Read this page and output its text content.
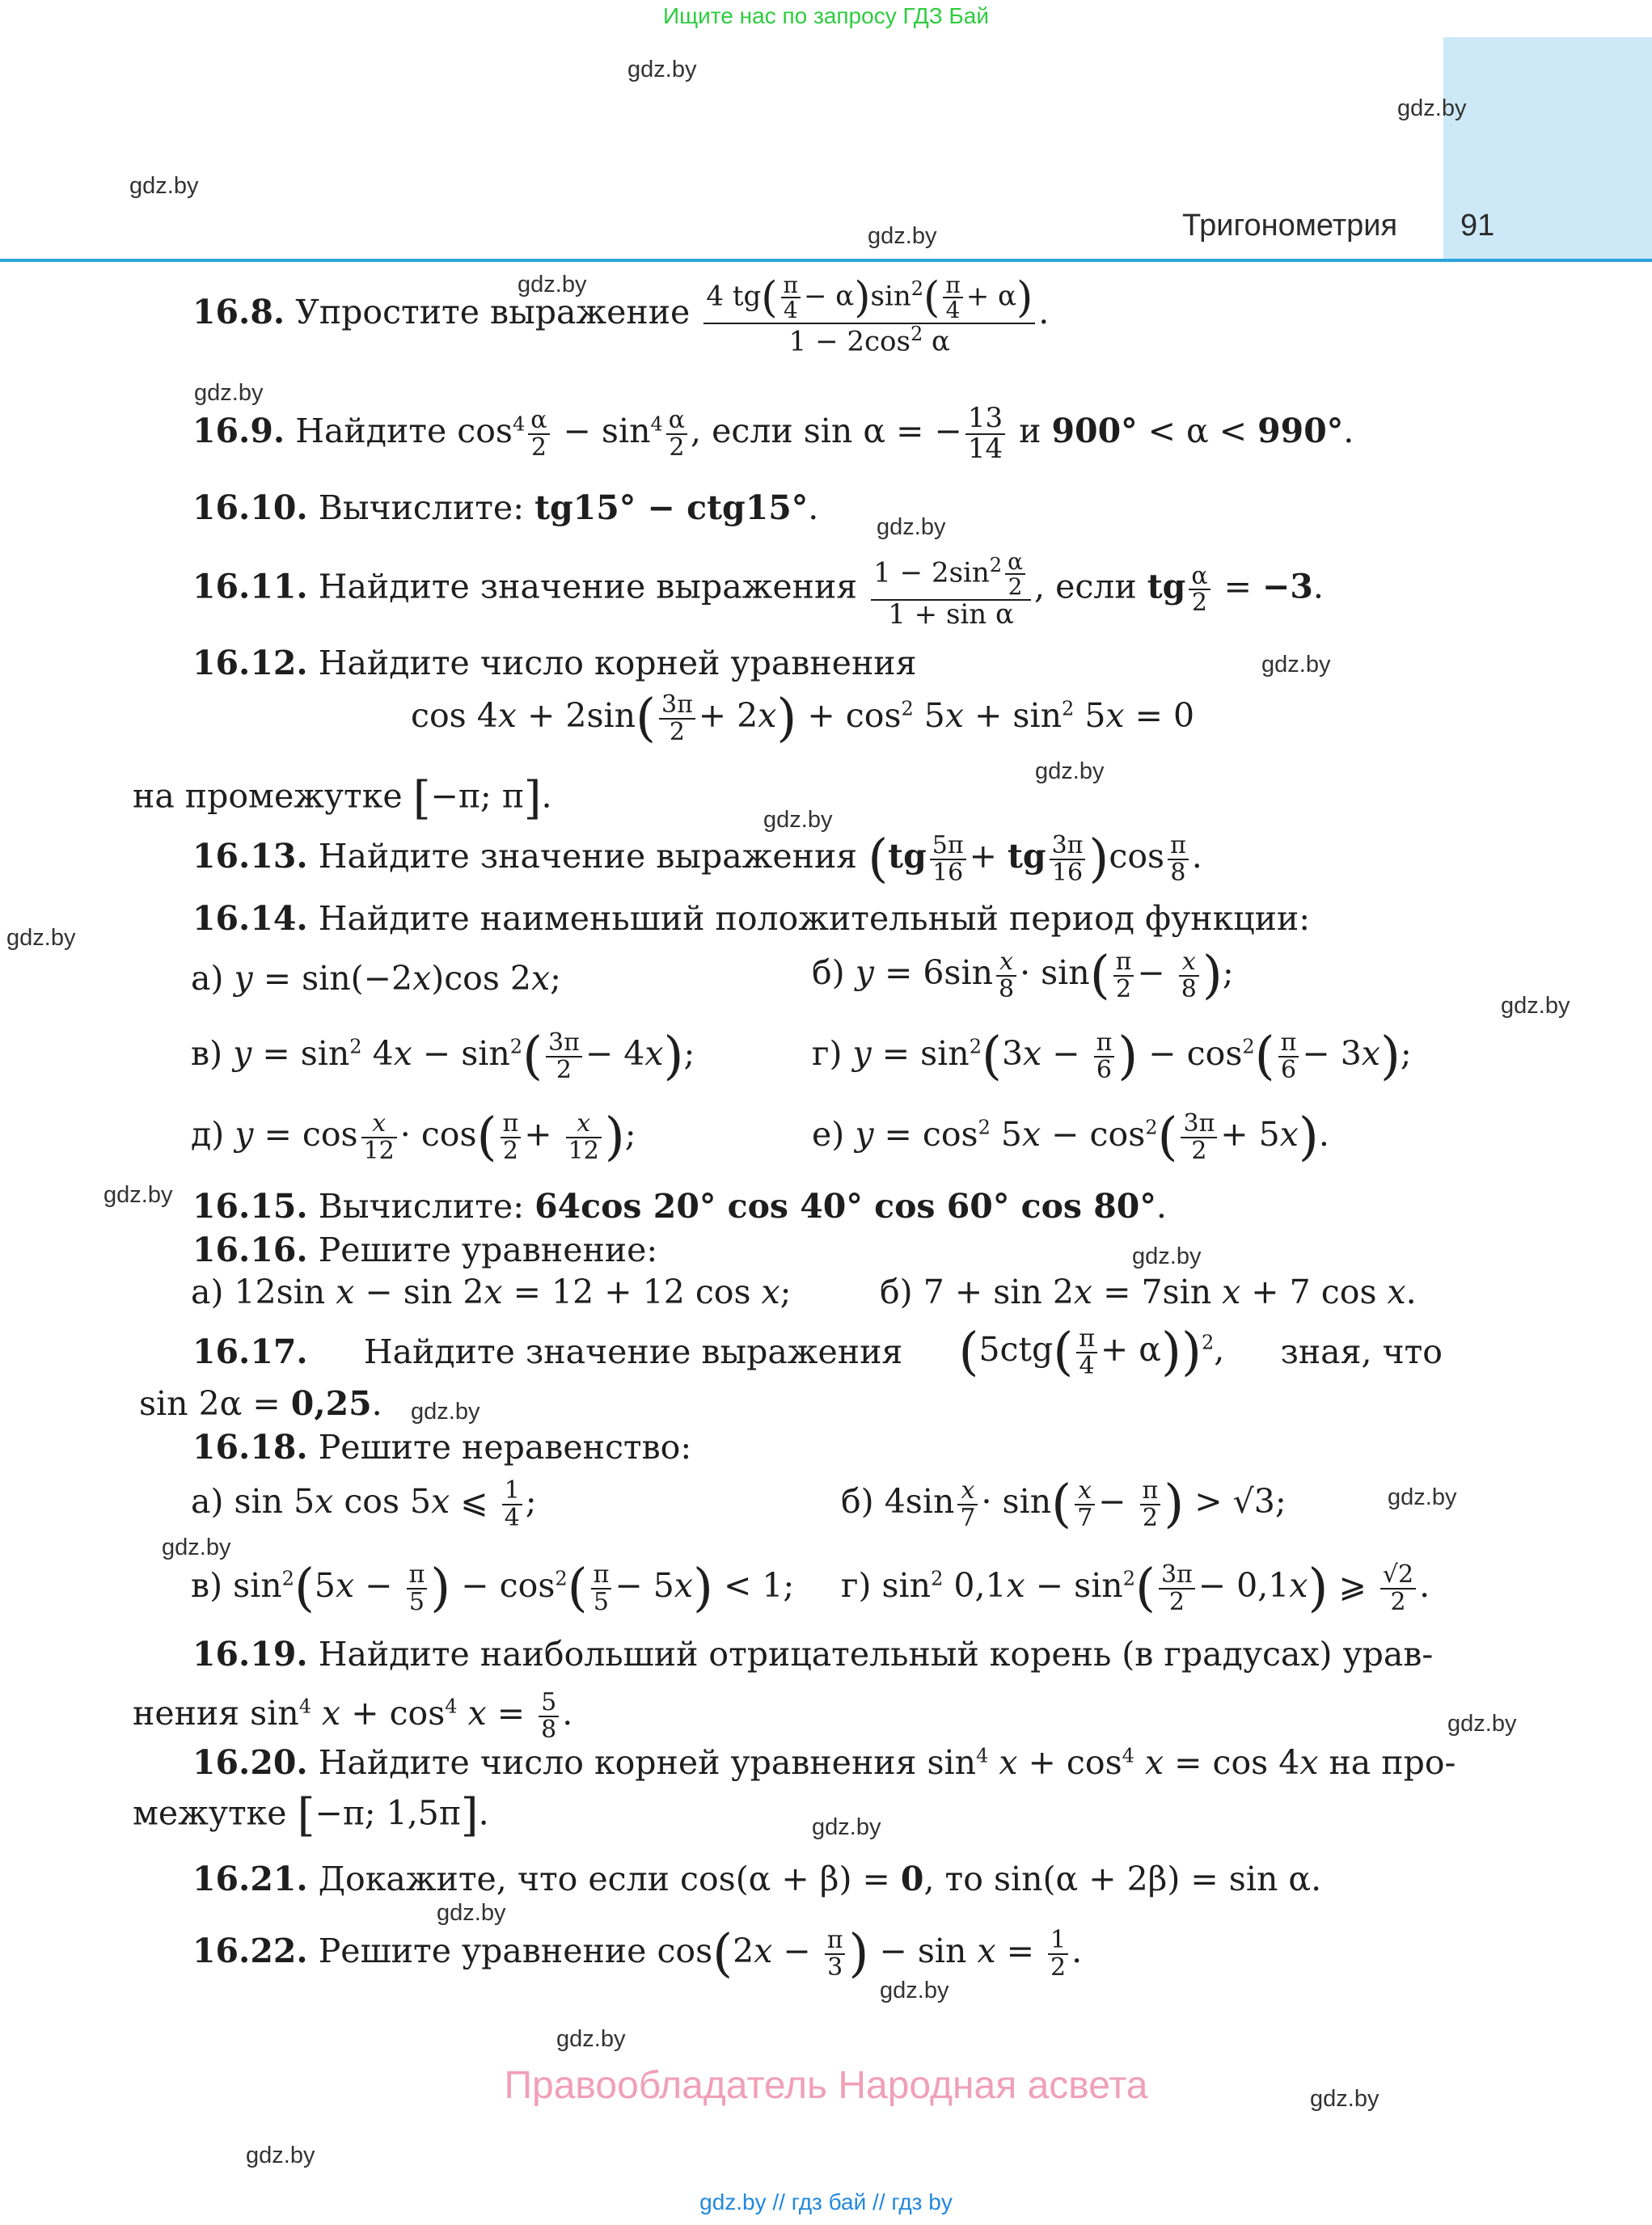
Ищите нас по запросу ГДЗ Бай
Тригонометрия 91
gdz.by
gdz.by
gdz.by
gdz.by
gdz.by
gdz.by
gdz.by
gdz.by
gdz.by
gdz.by
gdz.by
gdz.by
gdz.by
gdz.by
gdz.by
gdz.by
gdz.by
gdz.by
gdz.by
gdz.by
gdz.by
gdz.by
gdz.by
gdz.by
16.8. Упростите выражение $\frac{4 tg( \frac{\pi}{4} - \alpha)\sin^2( \frac{\pi}{4} + \alpha)}{1 - 2\cos^2 \alpha}$ .
16.9. Найдите $\cos^4 \frac{\alpha}{2} - \sin^4 \frac{\alpha}{2}$ , если sin α = − $\frac{13}{14}$ и 900° < α < 990°.
16.10. Вычислите: tg15° − ctg15°.
16.11. Найдите значение выражения $\frac{1 - 2\sin^2 \frac{\alpha}{2}}{\text{1 + sin α}}$ , если tg $\frac{\alpha}{2} = -3$.
16.12. Найдите число корней уравнения
$\cos 4x + 2\sin( \frac{3\pi}{2} + 2x) + \cos^2 5x + \sin^2 5x = 0$
на промежутке [−π; π].
16.13. Найдите значение выражения ($tg \frac{5\pi}{16}$ + tg $\frac{3\pi}{16} )\cos \frac{\pi}{8}$ .
16.14. Найдите наименьший положительный период функции:
а) y = sin(−2x)cos 2x;	б) $y = 6\sin \frac{x}{8} \cdot \sin( \frac{\pi}{2} - \frac{x}{8}$ );
в) $y = \sin^2 4x - \sin^2( \frac{3\pi}{2} - 4x)$;	г) $y = \sin^2(3x - \frac{\pi}{6}$ ) − $\cos^2( \frac{\pi}{6} - 3x)$;
д) $y = \cos \frac{x}{12} \cdot \cos( \frac{\pi}{2} + \frac{x}{12}$ );	е) $y = \cos^2 5x - \cos^2( \frac{3\pi}{2} + 5x)$.
16.15. Вычислите: 64cos 20° cos 40° cos 60° cos 80°.
16.16. Решите уравнение:
а) 12sin x − sin 2x = 12 + 12 cos x;	б) 7 + sin 2x = 7sin x + 7 cos x.
16.17. Найдите значение выражения $(5ctg( \frac{\pi}{4} + \alpha))^2$, зная, что
sin 2α = 0,25.
16.18. Решите неравенство:
а) sin 5x cos 5x ⩽ $\frac{1}{4}$ ;	б) $4\sin \frac{x}{7} \cdot \sin( \frac{x}{7} - \frac{\pi}{2}$ ) > √3;
в) $\sin^2(5x - \frac{\pi}{5}$ ) − $\cos^2( \frac{\pi}{5} - 5x) < 1$; г) $\sin^2 0,1x - \sin^2( \frac{3\pi}{2} - 0,1x)$ ⩾ $\frac{√2}{2}$ .
16.19. Найдите наибольший отрицательный корень (в градусах) урав-
нения $\sin^4 x + \cos^4 x = \frac{5}{8}$ .
16.20. Найдите число корней уравнения $\sin^4 x + \cos^4 x = \cos 4x$ на про-
межутке [−π; 1,5π].
16.21. Докажите, что если cos(α + β) = 0, то sin(α + 2β) = sin α.
16.22. Решите уравнение $\cos(2x - \frac{\pi}{3}$ ) − $\sin x = \frac{1}{2}$ .
Правообладатель Народная асвета
gdz.by // гдз бай // гдз by
